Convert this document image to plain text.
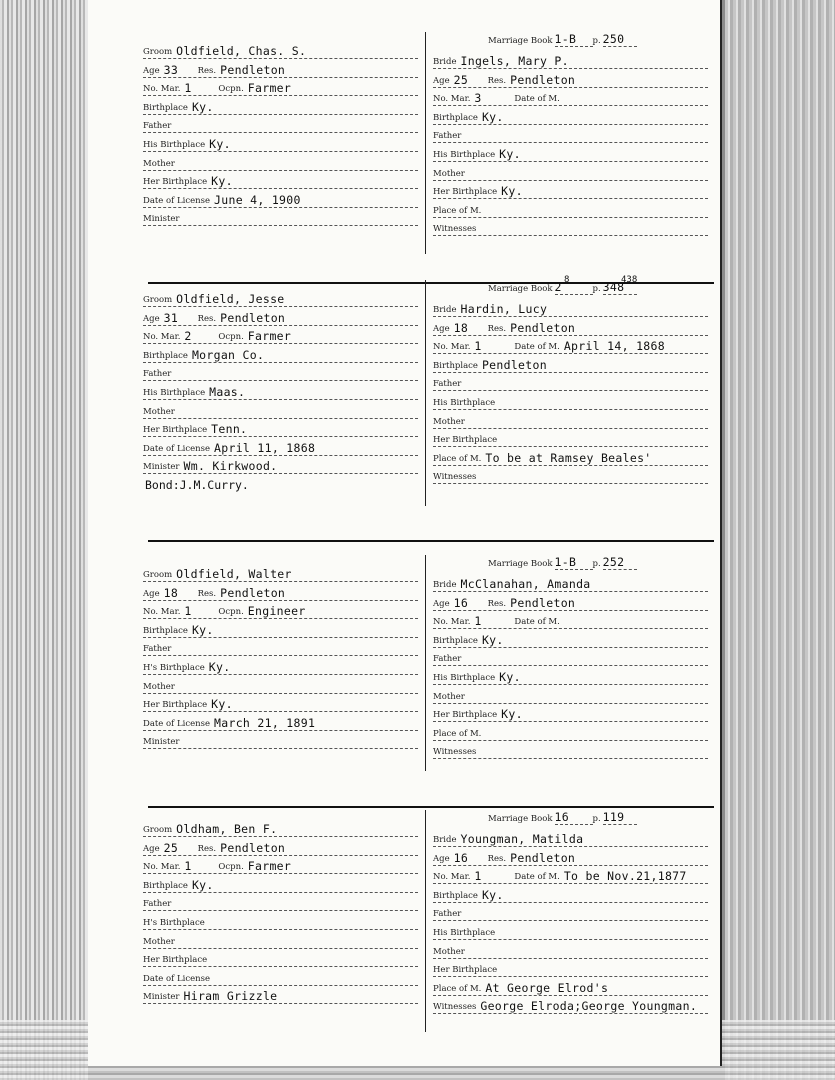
Groom Oldfield, Chas. S.
Age 33	Res. Pendleton
No. Mar. 1	Ocpn. Farmer
Birthplace Ky.
Father
His Birthplace Ky.
Mother
Her Birthplace Ky.
Date of License June 4, 1900
Minister
Marriage Book 1-B	p. 250
Bride Ingels, Mary P.
Age 25	Res. Pendleton
No. Mar. 3	Date of M.
Birthplace Ky.
Father
His Birthplace Ky.
Mother
Her Birthplace Ky.
Place of M.
Witnesses
Groom Oldfield, Jesse
Age 31	Res. Pendleton
No. Mar. 2	Ocpn. Farmer
Birthplace Morgan Co.
Father
His Birthplace Maas.
Mother
Her Birthplace Tenn.
Date of License April 11, 1868
Minister Wm. Kirkwood.
Bond:J.M.Curry.
Marriage Book 2	p. 348
8	438
Bride Hardin, Lucy
Age 18	Res. Pendleton
No. Mar. 1	Date of M. April 14, 1868
Birthplace Pendleton
Father
His Birthplace
Mother
Her Birthplace
Place of M. To be at Ramsey Beales'
Witnesses
Groom Oldfield, Walter
Age 18	Res. Pendleton
No. Mar. 1	Ocpn. Engineer
Birthplace Ky.
Father
H's Birthplace Ky.
Mother
Her Birthplace Ky.
Date of License March 21, 1891
Minister
Marriage Book 1-B	p. 252
Bride McClanahan, Amanda
Age 16	Res. Pendleton
No. Mar. 1	Date of M.
Birthplace Ky.
Father
His Birthplace Ky.
Mother
Her Birthplace Ky.
Place of M.
Witnesses
Groom Oldham, Ben F.
Age 25	Res. Pendleton
No. Mar. 1	Ocpn. Farmer
Birthplace Ky.
Father
H's Birthplace
Mother
Her Birthplace
Date of License
Minister Hiram Grizzle
Marriage Book 16	p. 119
Bride Youngman, Matilda
Age 16	Res. Pendleton
No. Mar. 1	Date of M. To be Nov.21,1877
Birthplace Ky.
Father
His Birthplace
Mother
Her Birthplace
Place of M. At George Elrod's
Witnesses George Elroda;George Youngman.
